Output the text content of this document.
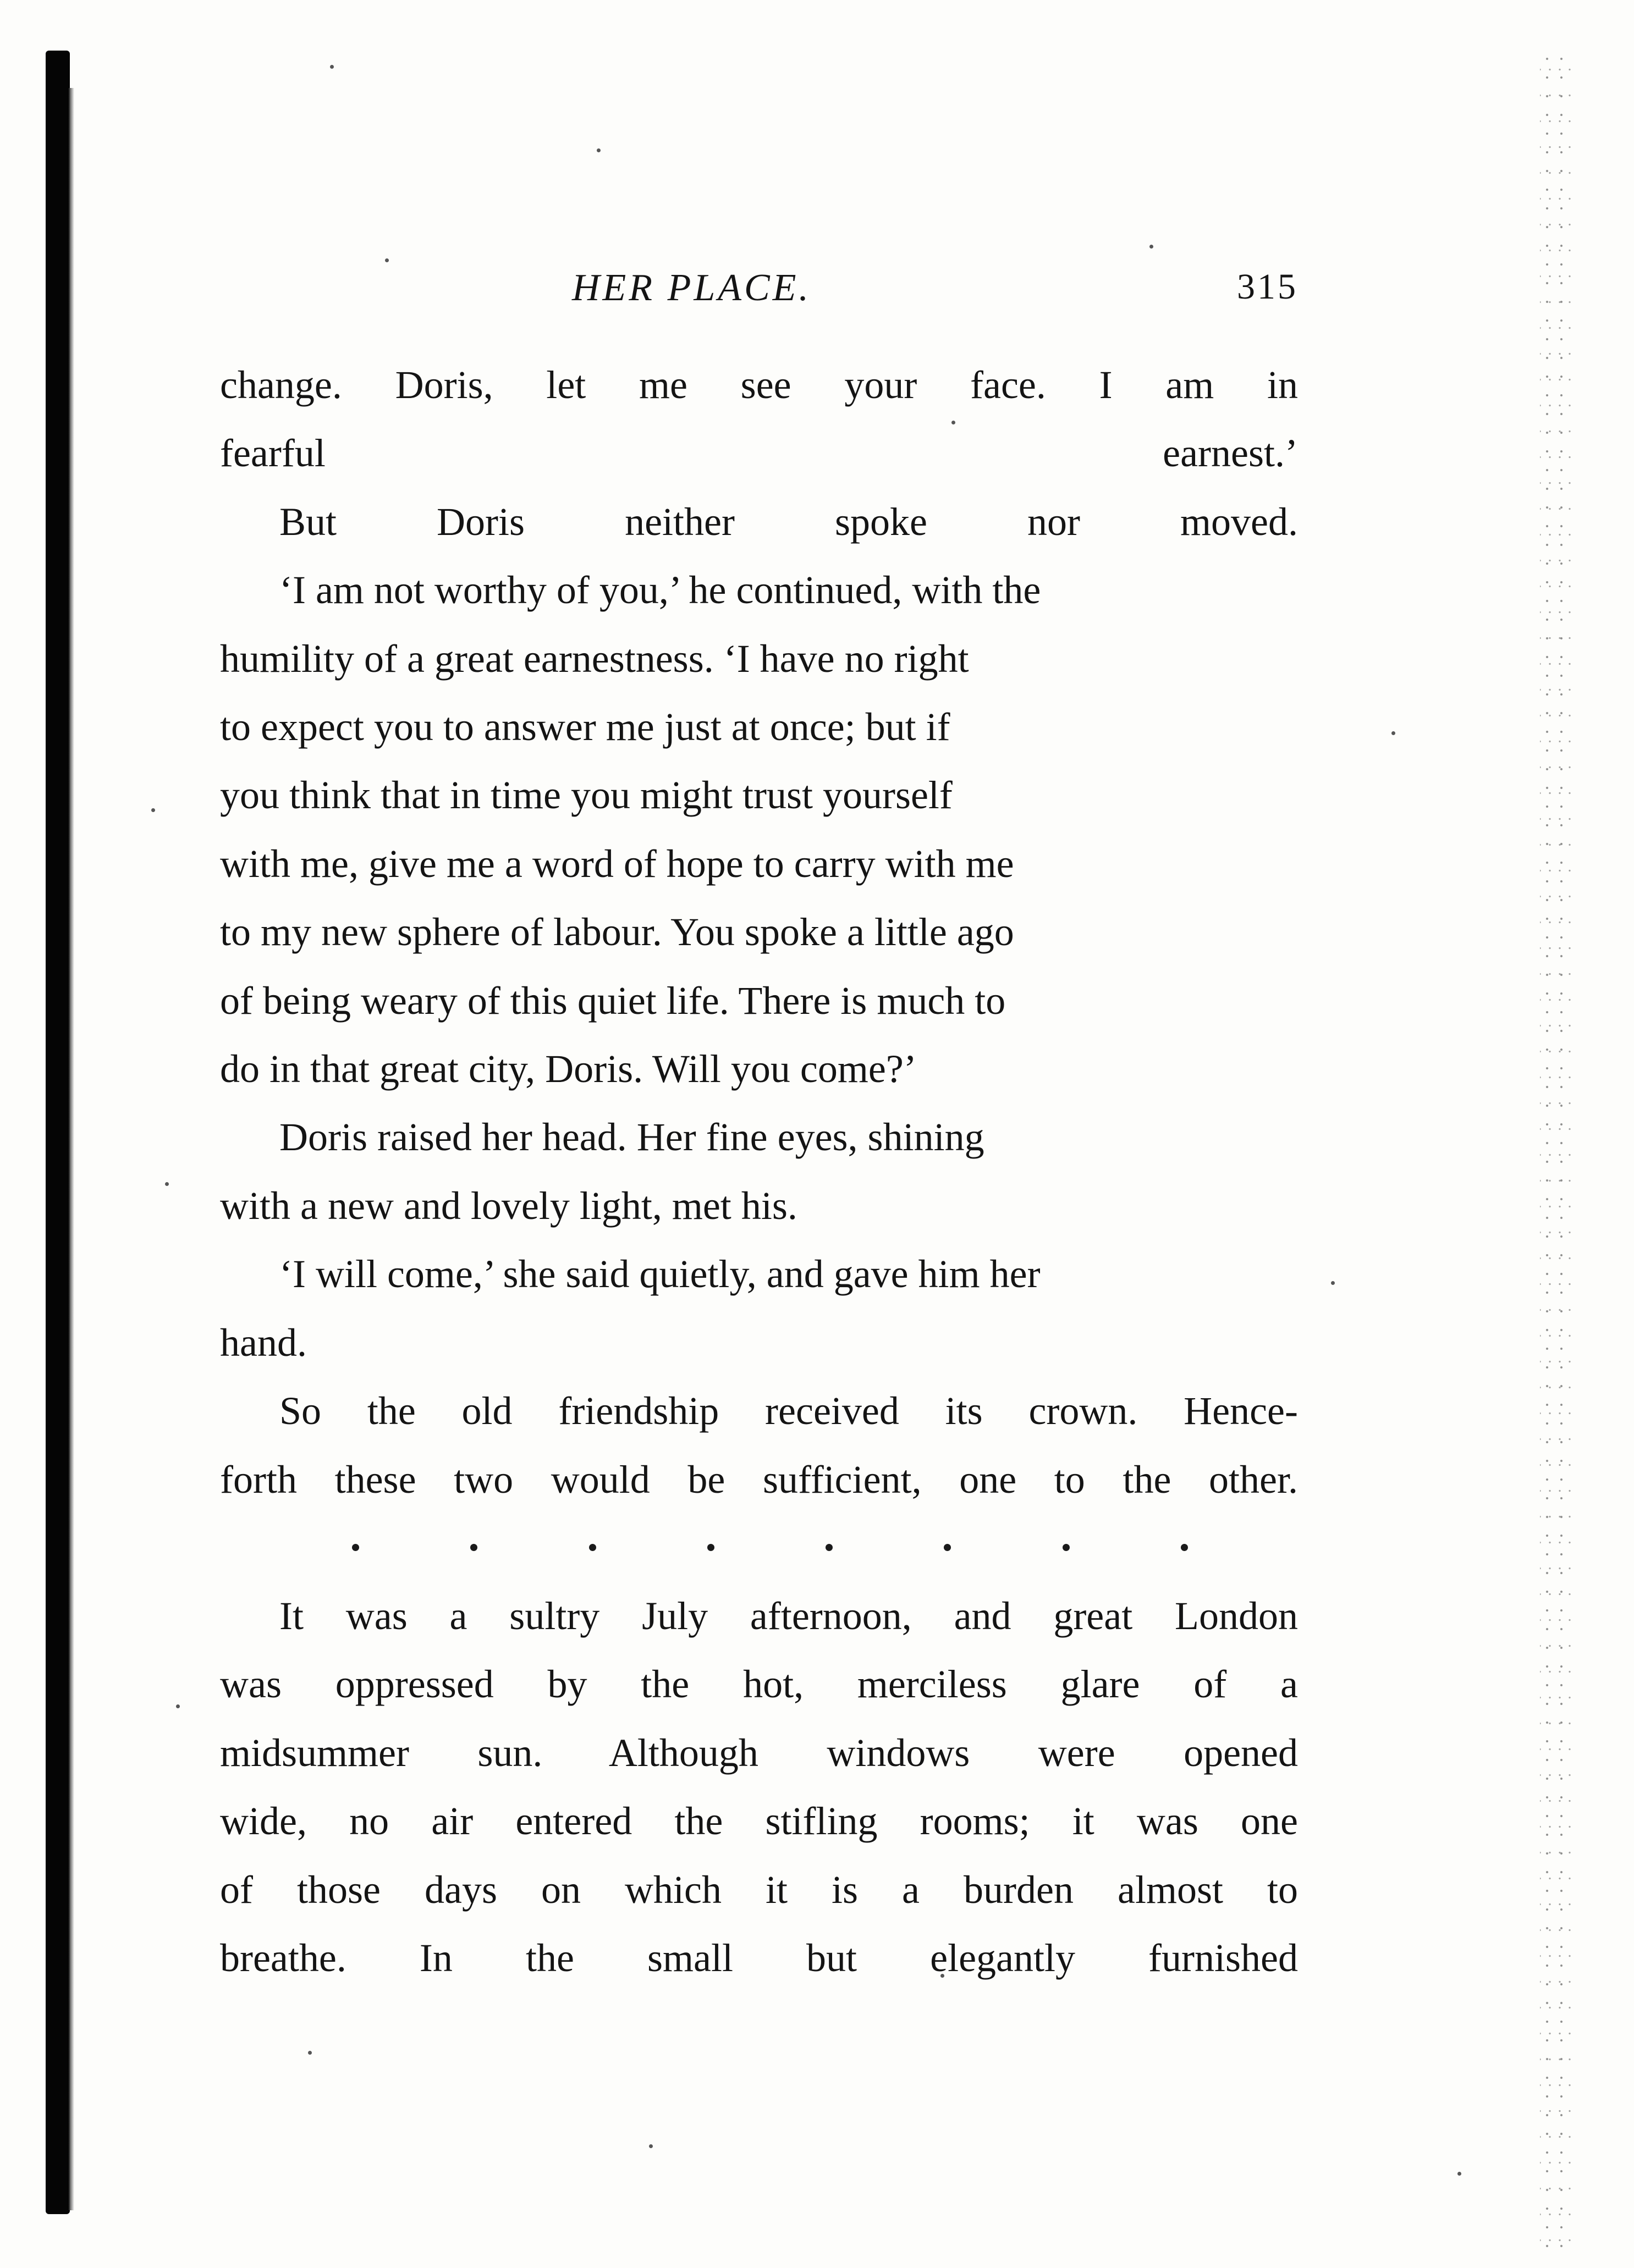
HER PLACE.	315

change. Doris, let me see your face. I am in
fearful earnest.’

But Doris neither spoke nor moved.

‘I am not worthy of you,’ he continued, with the
humility of a great earnestness. ‘I have no right
to expect you to answer me just at once; but if
you think that in time you might trust yourself
with me, give me a word of hope to carry with me
to my new sphere of labour. You spoke a little ago
of being weary of this quiet life. There is much to
do in that great city, Doris. Will you come?’

Doris raised her head. Her fine eyes, shining
with a new and lovely light, met his.

‘I will come,’ she said quietly, and gave him her
hand.

So the old friendship received its crown. Hence-
forth these two would be sufficient, one to the other.

It was a sultry July afternoon, and great London
was oppressed by the hot, merciless glare of a
midsummer sun. Although windows were opened
wide, no air entered the stifling rooms; it was one
of those days on which it is a burden almost to
breathe. In the small but elegantly furnished
